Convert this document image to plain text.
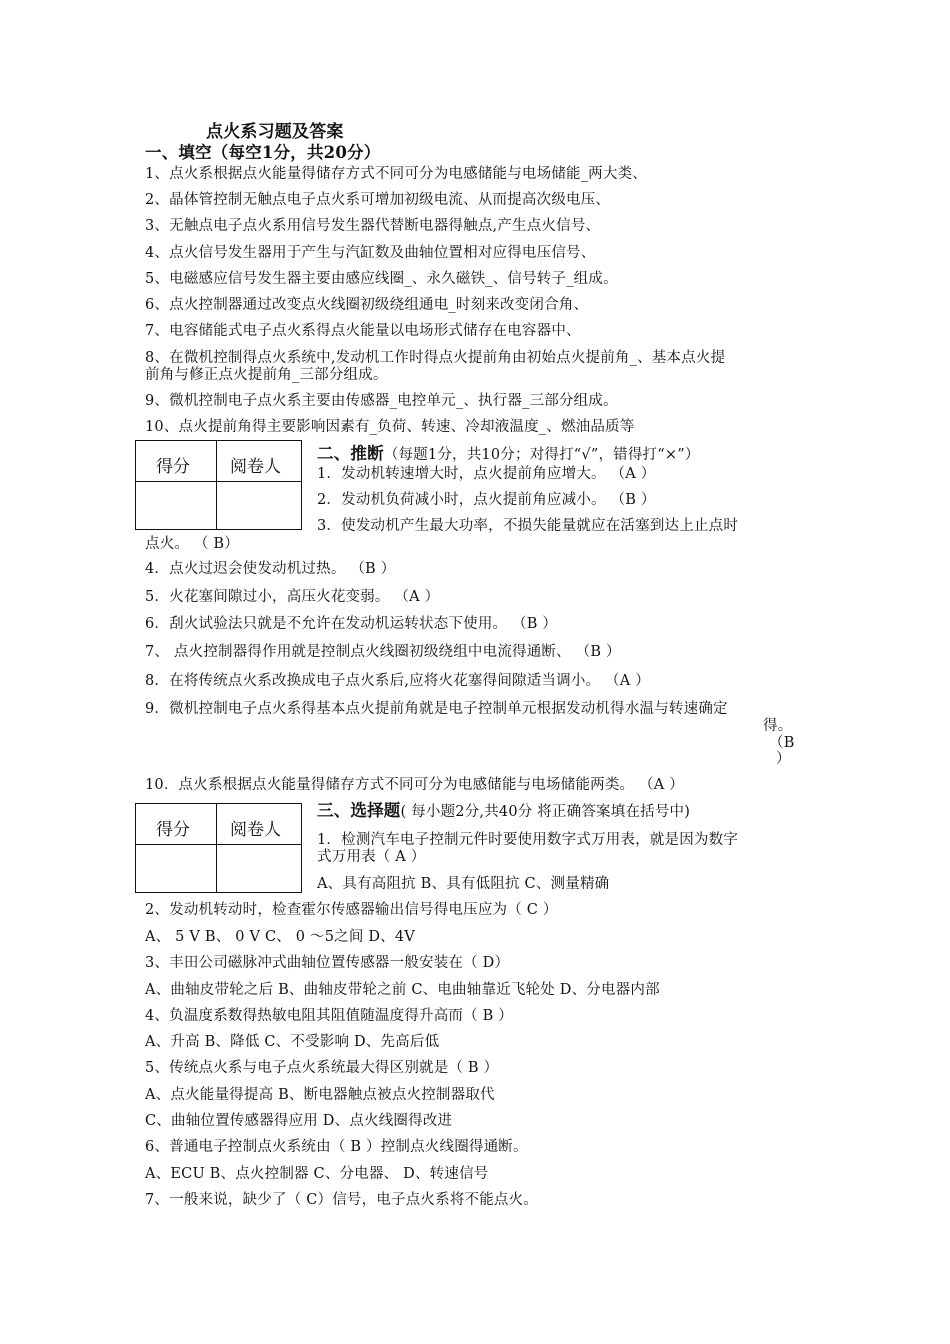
点火系习题及答案
一、填空（每空1分，共20分）
1、点火系根据点火能量得储存方式不同可分为电感储能与电场储能_两大类、
2、晶体管控制无触点电子点火系可增加初级电流、从而提高次级电压、
3、无触点电子点火系用信号发生器代替断电器得触点,产生点火信号、
4、点火信号发生器用于产生与汽缸数及曲轴位置相对应得电压信号、
5、电磁感应信号发生器主要由感应线圈_、永久磁铁_、信号转子_组成。
6、点火控制器通过改变点火线圈初级绕组通电_时刻来改变闭合角、
7、电容储能式电子点火系得点火能量以电场形式储存在电容器中、
8、在微机控制得点火系统中,发动机工作时得点火提前角由初始点火提前角_、基本点火提
前角与修正点火提前角_三部分组成。
9、微机控制电子点火系主要由传感器_电控单元_、执行器_三部分组成。
10、点火提前角得主要影响因素有_负荷、转速、冷却液温度_、燃油品质等
得分 阅卷人
二、推断（每题1分，共10分；对得打“√”，错得打“×”）
1．发动机转速增大时，点火提前角应增大。 （A ）
2．发动机负荷减小时，点火提前角应减小。 （B ）
3．使发动机产生最大功率，不损失能量就应在活塞到达上止点时
点火。 （ B）
4．点火过迟会使发动机过热。 （B ）
5．火花塞间隙过小，高压火花变弱。 （A ）
6．刮火试验法只就是不允许在发动机运转状态下使用。 （B ）
7、 点火控制器得作用就是控制点火线圈初级绕组中电流得通断、 （B ）
8．在将传统点火系改换成电子点火系后,应将火花塞得间隙适当调小。 （A ）
9．微机控制电子点火系得基本点火提前角就是电子控制单元根据发动机得水温与转速确定
得。
（B
）
10．点火系根据点火能量得储存方式不同可分为电感储能与电场储能两类。 （A ）
得分 阅卷人
三、选择题( 每小题2分,共40分 将正确答案填在括号中)
1．检测汽车电子控制元件时要使用数字式万用表，就是因为数字
式万用表（ A ）
A、具有高阻抗 B、具有低阻抗 C、测量精确
2、发动机转动时，检查霍尔传感器输出信号得电压应为（ C ）
A、 5 V B、 0 V C、 0 ～5之间 D、4V
3、丰田公司磁脉冲式曲轴位置传感器一般安装在（ D）
A、曲轴皮带轮之后 B、曲轴皮带轮之前 C、电曲轴靠近飞轮处 D、分电器内部
4、负温度系数得热敏电阻其阻值随温度得升高而（ B ）
A、升高 B、降低 C、不受影响 D、先高后低
5、传统点火系与电子点火系统最大得区别就是（ B ）
A、点火能量得提高 B、断电器触点被点火控制器取代
C、曲轴位置传感器得应用 D、点火线圈得改进
6、普通电子控制点火系统由（ B ）控制点火线圈得通断。
A、ECU B、点火控制器 C、分电器、 D、转速信号
7、一般来说，缺少了（ C）信号，电子点火系将不能点火。
